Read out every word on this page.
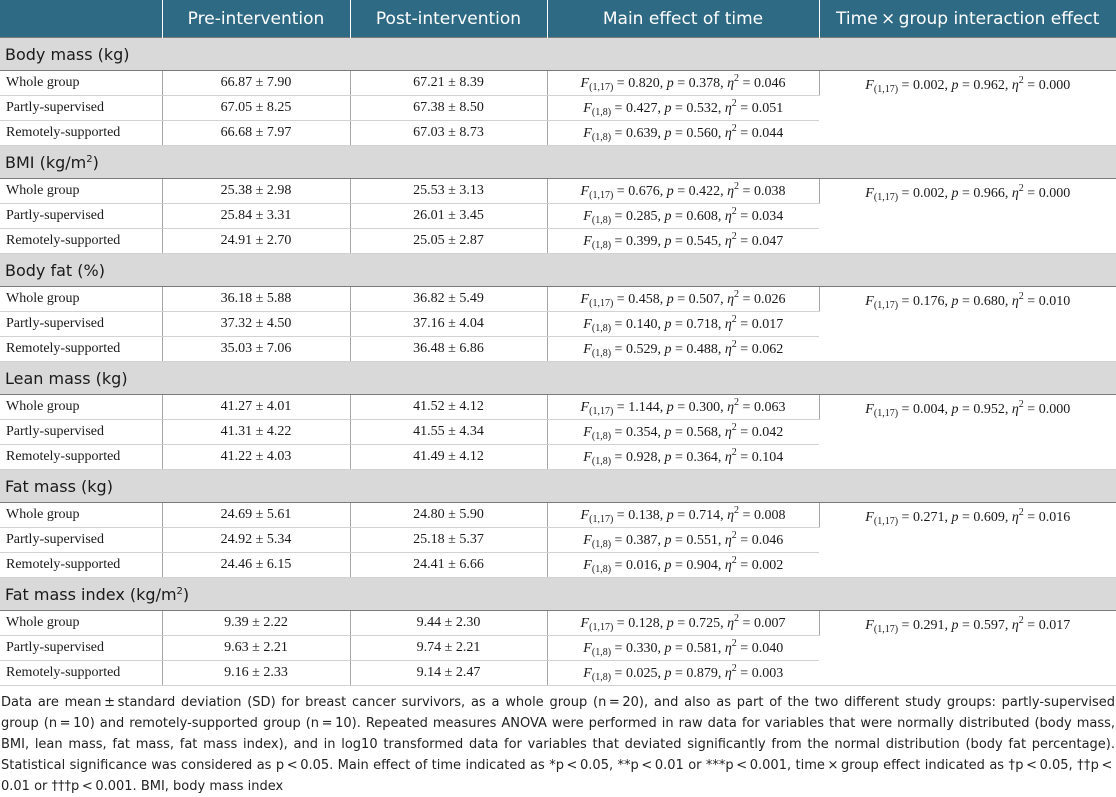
	Pre-intervention	Post-intervention	Main effect of time	Time × group interaction effect
Body mass (kg)				
Whole group	66.87 ± 7.90	67.21 ± 8.39	$F_{(1,17)} = 0.820$, p = 0.378, $\eta^2 = 0.046$	$F_{(1,17)} = 0.002$, p = 0.962, $\eta^2 = 0.000$
Partly-supervised	67.05 ± 8.25	67.38 ± 8.50	$F_{(1,8)} = 0.427$, p = 0.532, $\eta^2 = 0.051$	
Remotely-supported	66.68 ± 7.97	67.03 ± 8.73	$F_{(1,8)} = 0.639$, p = 0.560, $\eta^2 = 0.044$	
BMI $(kg/m^2)$				
Whole group	25.38 ± 2.98	25.53 ± 3.13	$F_{(1,17)} = 0.676$, p = 0.422, $\eta^2 = 0.038$	$F_{(1,17)} = 0.002$, p = 0.966, $\eta^2 = 0.000$
Partly-supervised	25.84 ± 3.31	26.01 ± 3.45	$F_{(1,8)} = 0.285$, p = 0.608, $\eta^2 = 0.034$	
Remotely-supported	24.91 ± 2.70	25.05 ± 2.87	$F_{(1,8)} = 0.399$, p = 0.545, $\eta^2 = 0.047$	
Body fat (%)				
Whole group	36.18 ± 5.88	36.82 ± 5.49	$F_{(1,17)} = 0.458$, p = 0.507, $\eta^2 = 0.026$	$F_{(1,17)} = 0.176$, p = 0.680, $\eta^2 = 0.010$
Partly-supervised	37.32 ± 4.50	37.16 ± 4.04	$F_{(1,8)} = 0.140$, p = 0.718, $\eta^2 = 0.017$	
Remotely-supported	35.03 ± 7.06	36.48 ± 6.86	$F_{(1,8)} = 0.529$, p = 0.488, $\eta^2 = 0.062$	
Lean mass (kg)				
Whole group	41.27 ± 4.01	41.52 ± 4.12	$F_{(1,17)} = 1.144$, p = 0.300, $\eta^2 = 0.063$	$F_{(1,17)} = 0.004$, p = 0.952, $\eta^2 = 0.000$
Partly-supervised	41.31 ± 4.22	41.55 ± 4.34	$F_{(1,8)} = 0.354$, p = 0.568, $\eta^2 = 0.042$	
Remotely-supported	41.22 ± 4.03	41.49 ± 4.12	$F_{(1,8)} = 0.928$, p = 0.364, $\eta^2 = 0.104$	
Fat mass (kg)				
Whole group	24.69 ± 5.61	24.80 ± 5.90	$F_{(1,17)} = 0.138$, p = 0.714, $\eta^2 = 0.008$	$F_{(1,17)} = 0.271$, p = 0.609, $\eta^2 = 0.016$
Partly-supervised	24.92 ± 5.34	25.18 ± 5.37	$F_{(1,8)} = 0.387$, p = 0.551, $\eta^2 = 0.046$	
Remotely-supported	24.46 ± 6.15	24.41 ± 6.66	$F_{(1,8)} = 0.016$, p = 0.904, $\eta^2 = 0.002$	
Fat mass index $(kg/m^2)$				
Whole group	9.39 ± 2.22	9.44 ± 2.30	$F_{(1,17)} = 0.128$, p = 0.725, $\eta^2 = 0.007$	$F_{(1,17)} = 0.291$, p = 0.597, $\eta^2 = 0.017$
Partly-supervised	9.63 ± 2.21	9.74 ± 2.21	$F_{(1,8)} = 0.330$, p = 0.581, $\eta^2 = 0.040$	
Remotely-supported	9.16 ± 2.33	9.14 ± 2.47	$F_{(1,8)} = 0.025$, p = 0.879, $\eta^2 = 0.003$	
Data are mean ± standard deviation (SD) for breast cancer survivors, as a whole group (n = 20), and also as part of the two different study groups: partly-supervised group (n = 10) and remotely-supported group (n = 10). Repeated measures ANOVA were performed in raw data for variables that were normally distributed (body mass, BMI, lean mass, fat mass, fat mass index), and in log10 transformed data for variables that deviated significantly from the normal distribution (body fat percentage). Statistical significance was considered as p < 0.05. Main effect of time indicated as *p < 0.05, **p < 0.01 or ***p < 0.001, time × group effect indicated as †p < 0.05, ††p < 0.01 or †††p < 0.001. BMI, body mass index
